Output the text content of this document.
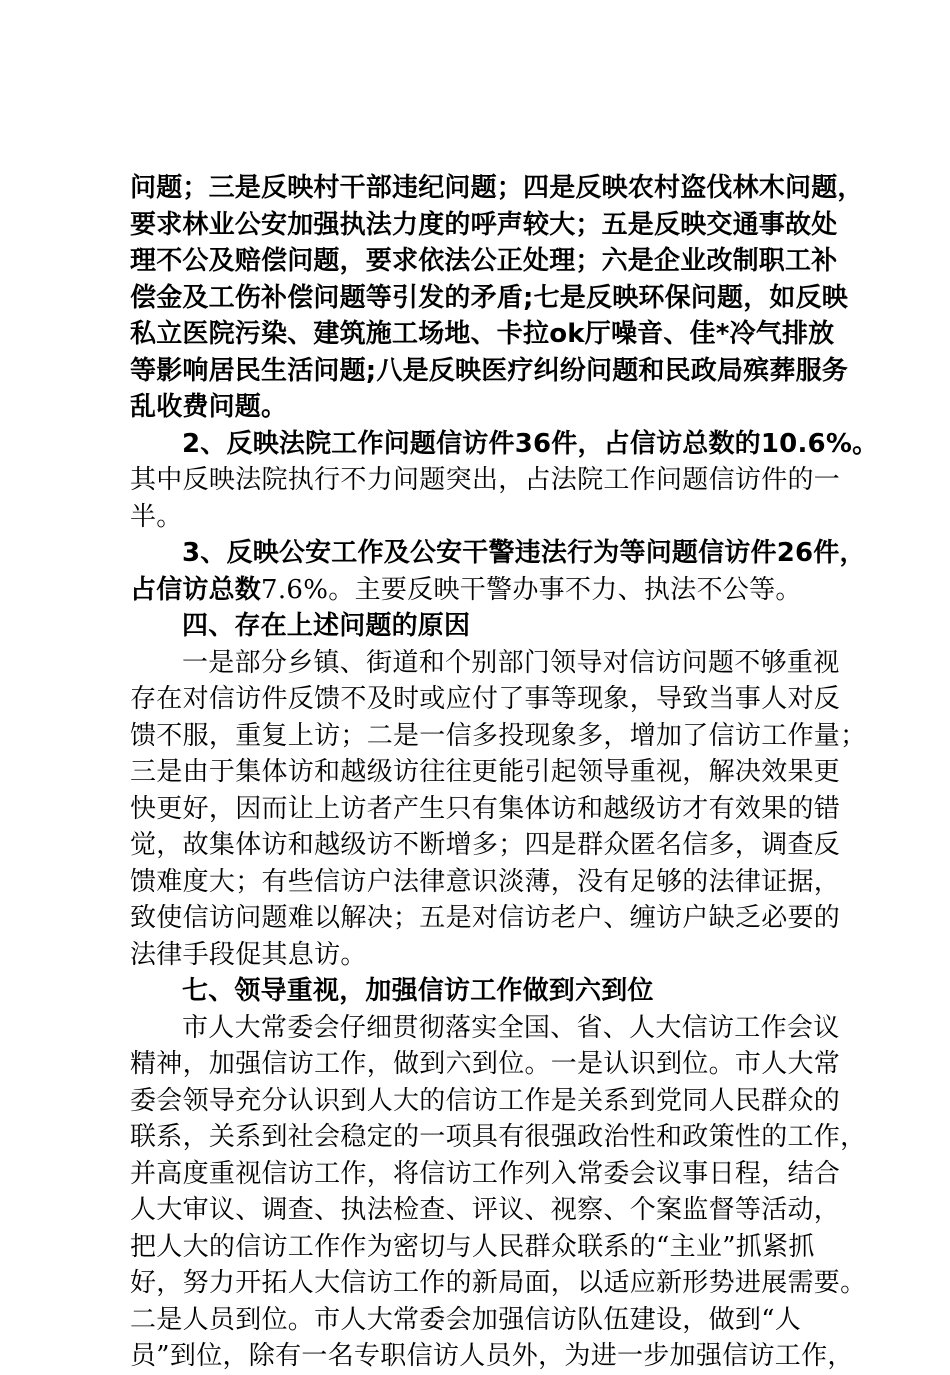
问题；三是反映村干部违纪问题；四是反映农村盗伐林木问题，
要求林业公安加强执法力度的呼声较大；五是反映交通事故处
理不公及赔偿问题，要求依法公正处理；六是企业改制职工补
偿金及工伤补偿问题等引发的矛盾;七是反映环保问题，如反映
私立医院污染、建筑施工场地、卡拉ok厅噪音、佳*冷气排放
等影响居民生活问题;八是反映医疗纠纷问题和民政局殡葬服务
乱收费问题。
2、反映法院工作问题信访件36件，占信访总数的10.6%。
其中反映法院执行不力问题突出，占法院工作问题信访件的一
半。
3、反映公安工作及公安干警违法行为等问题信访件26件，
占信访总数7.6%。主要反映干警办事不力、执法不公等。
四、存在上述问题的原因
一是部分乡镇、街道和个别部门领导对信访问题不够重视
存在对信访件反馈不及时或应付了事等现象，导致当事人对反
馈不服，重复上访；二是一信多投现象多，增加了信访工作量；
三是由于集体访和越级访往往更能引起领导重视，解决效果更
快更好，因而让上访者产生只有集体访和越级访才有效果的错
觉，故集体访和越级访不断增多；四是群众匿名信多，调查反
馈难度大；有些信访户法律意识淡薄，没有足够的法律证据，
致使信访问题难以解决；五是对信访老户、缠访户缺乏必要的
法律手段促其息访。
七、领导重视，加强信访工作做到六到位
市人大常委会仔细贯彻落实全国、省、人大信访工作会议
精神，加强信访工作，做到六到位。一是认识到位。市人大常
委会领导充分认识到人大的信访工作是关系到党同人民群众的
联系，关系到社会稳定的一项具有很强政治性和政策性的工作，
并高度重视信访工作，将信访工作列入常委会议事日程，结合
人大审议、调查、执法检查、评议、视察、个案监督等活动，
把人大的信访工作作为密切与人民群众联系的“主业”抓紧抓
好，努力开拓人大信访工作的新局面，以适应新形势进展需要。
二是人员到位。市人大常委会加强信访队伍建设，做到“人
员”到位，除有一名专职信访人员外，为进一步加强信访工作，
